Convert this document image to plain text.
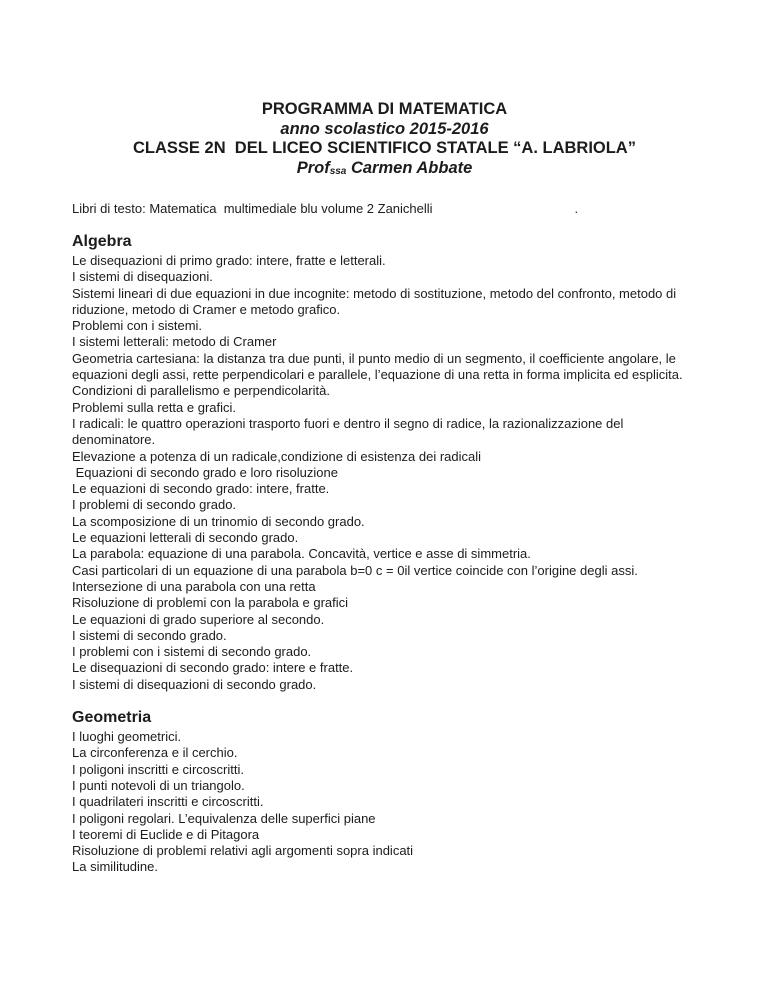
PROGRAMMA DI MATEMATICA
anno scolastico 2015-2016
CLASSE 2N  DEL LICEO SCIENTIFICO STATALE “A. LABRIOLA”
Profssa Carmen Abbate
Libri di testo: Matematica  multimediale blu volume 2 Zanichelli	.
Algebra
Le disequazioni di primo grado: intere, fratte e letterali.
I sistemi di disequazioni.
Sistemi lineari di due equazioni in due incognite: metodo di sostituzione, metodo del confronto, metodo di riduzione, metodo di Cramer e metodo grafico.
Problemi con i sistemi.
I sistemi letterali: metodo di Cramer
Geometria cartesiana: la distanza tra due punti, il punto medio di un segmento, il coefficiente angolare, le equazioni degli assi, rette perpendicolari e parallele, l’equazione di una retta in forma implicita ed esplicita.
Condizioni di parallelismo e perpendicolarità.
Problemi sulla retta e grafici.
I radicali: le quattro operazioni trasporto fuori e dentro il segno di radice, la razionalizzazione del denominatore.
Elevazione a potenza di un radicale,condizione di esistenza dei radicali
Equazioni di secondo grado e loro risoluzione
Le equazioni di secondo grado: intere, fratte.
I problemi di secondo grado.
La scomposizione di un trinomio di secondo grado.
Le equazioni letterali di secondo grado.
La parabola: equazione di una parabola. Concavità, vertice e asse di simmetria.
Casi particolari di un equazione di una parabola b=0 c = 0il vertice coincide con l’origine degli assi. Intersezione di una parabola con una retta
Risoluzione di problemi con la parabola e grafici
Le equazioni di grado superiore al secondo.
I sistemi di secondo grado.
I problemi con i sistemi di secondo grado.
Le disequazioni di secondo grado: intere e fratte.
I sistemi di disequazioni di secondo grado.
Geometria
I luoghi geometrici.
La circonferenza e il cerchio.
I poligoni inscritti e circoscritti.
I punti notevoli di un triangolo.
I quadrilateri inscritti e circoscritti.
I poligoni regolari. L’equivalenza delle superfici piane
I teoremi di Euclide e di Pitagora
Risoluzione di problemi relativi agli argomenti sopra indicati
La similitudine.
